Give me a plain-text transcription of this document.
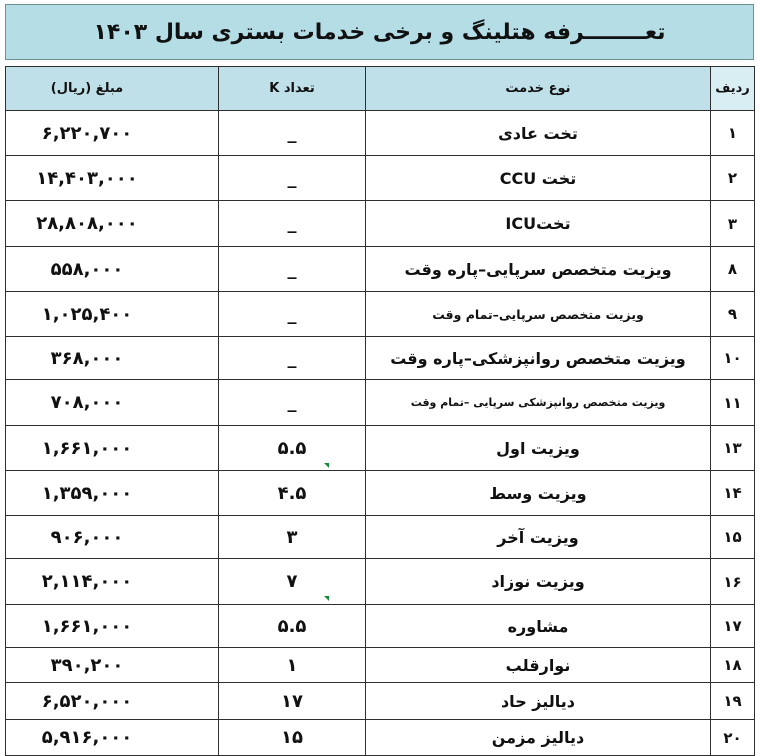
تعــــــــرفه هتلینگ و برخی خدمات بستری سال ۱۴۰۳
ردیف	نوع خدمت	تعداد K	مبلغ (ریال)
۱	تخت عادی	_	۶,۲۲۰,۷۰۰
۲	تخت CCU	_	۱۴,۴۰۳,۰۰۰
۳	تختICU	_	۲۸,۸۰۸,۰۰۰
۸	ویزیت متخصص سرپایی–پاره وقت	_	۵۵۸,۰۰۰
۹	ویزیت متخصص سرپایی–تمام وقت	_	۱,۰۲۵,۴۰۰
۱۰	ویزیت متخصص روانپزشکی–پاره وقت	_	۳۶۸,۰۰۰
۱۱	ویزیت متخصص روانپزشکی سرپایی –تمام وقت	_	۷۰۸,۰۰۰
۱۳	ویزیت اول	۵.۵	۱,۶۶۱,۰۰۰
۱۴	ویزیت وسط	۴.۵	۱,۳۵۹,۰۰۰
۱۵	ویزیت آخر	۳	۹۰۶,۰۰۰
۱۶	ویزیت نوزاد	۷	۲,۱۱۴,۰۰۰
۱۷	مشاوره	۵.۵	۱,۶۶۱,۰۰۰
۱۸	نوارقلب	۱	۳۹۰,۲۰۰
۱۹	دیالیز حاد	۱۷	۶,۵۲۰,۰۰۰
۲۰	دیالیز مزمن	۱۵	۵,۹۱۶,۰۰۰
